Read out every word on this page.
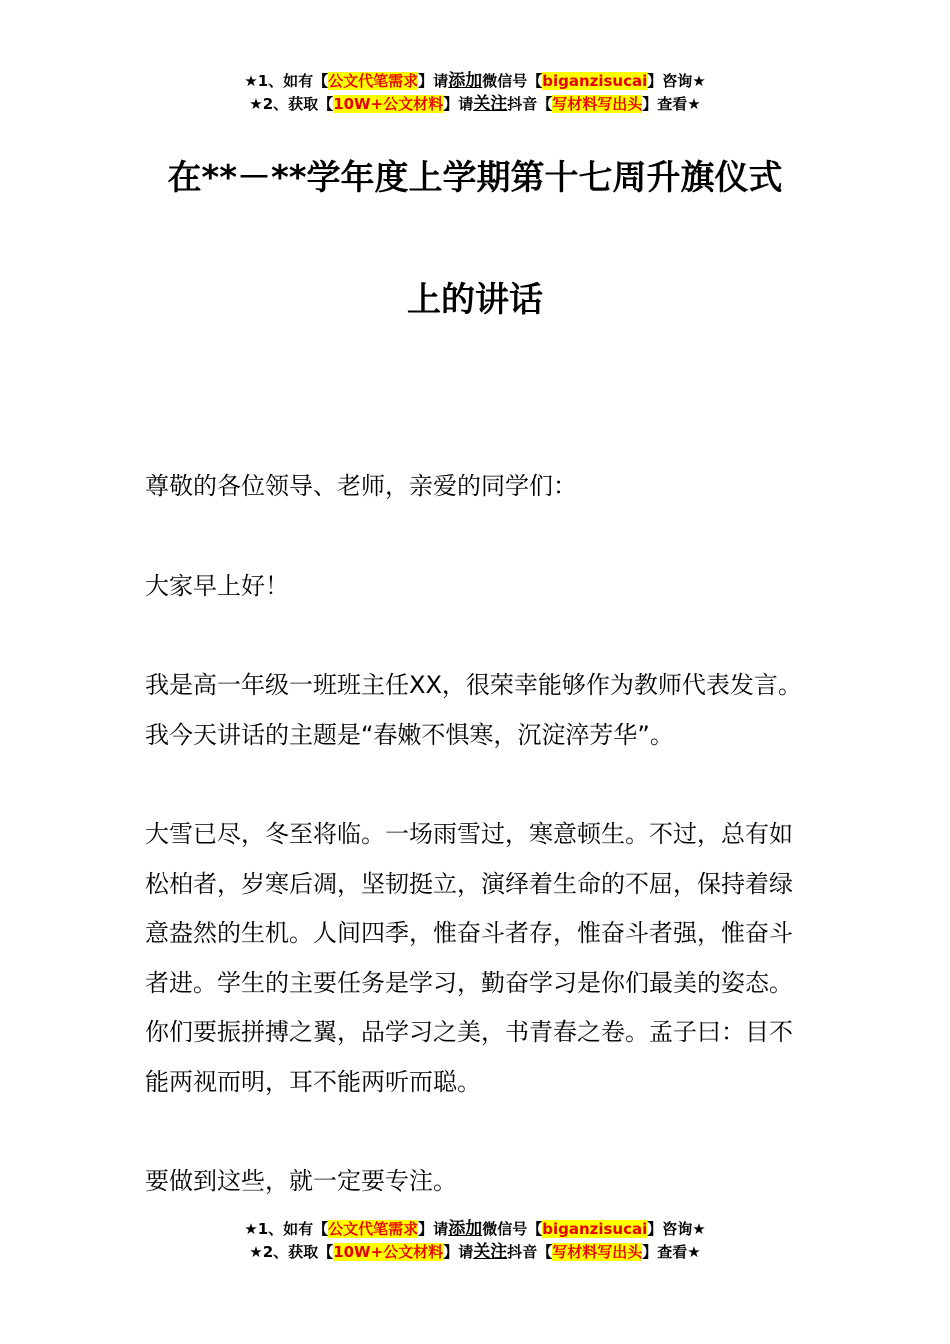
★1、如有【公文代笔需求】请添加微信号【biganzisucai】咨询★
★2、获取【10W+公文材料】请关注抖音【写材料写出头】查看★
在**－**学年度上学期第十七周升旗仪式
上的讲话

尊敬的各位领导、老师，亲爱的同学们：

大家早上好！

我是高一年级一班班主任XX，很荣幸能够作为教师代表发言。我今天讲话的主题是“春嫩不惧寒，沉淀淬芳华”。

大雪已尽，冬至将临。一场雨雪过，寒意顿生。不过，总有如松柏者，岁寒后凋，坚韧挺立，演绎着生命的不屈，保持着绿意盎然的生机。人间四季，惟奋斗者存，惟奋斗者强，惟奋斗者进。学生的主要任务是学习，勤奋学习是你们最美的姿态。你们要振拼搏之翼，品学习之美，书青春之卷。孟子曰：目不能两视而明，耳不能两听而聪。

要做到这些，就一定要专注。

★1、如有【公文代笔需求】请添加微信号【biganzisucai】咨询★
★2、获取【10W+公文材料】请关注抖音【写材料写出头】查看★
